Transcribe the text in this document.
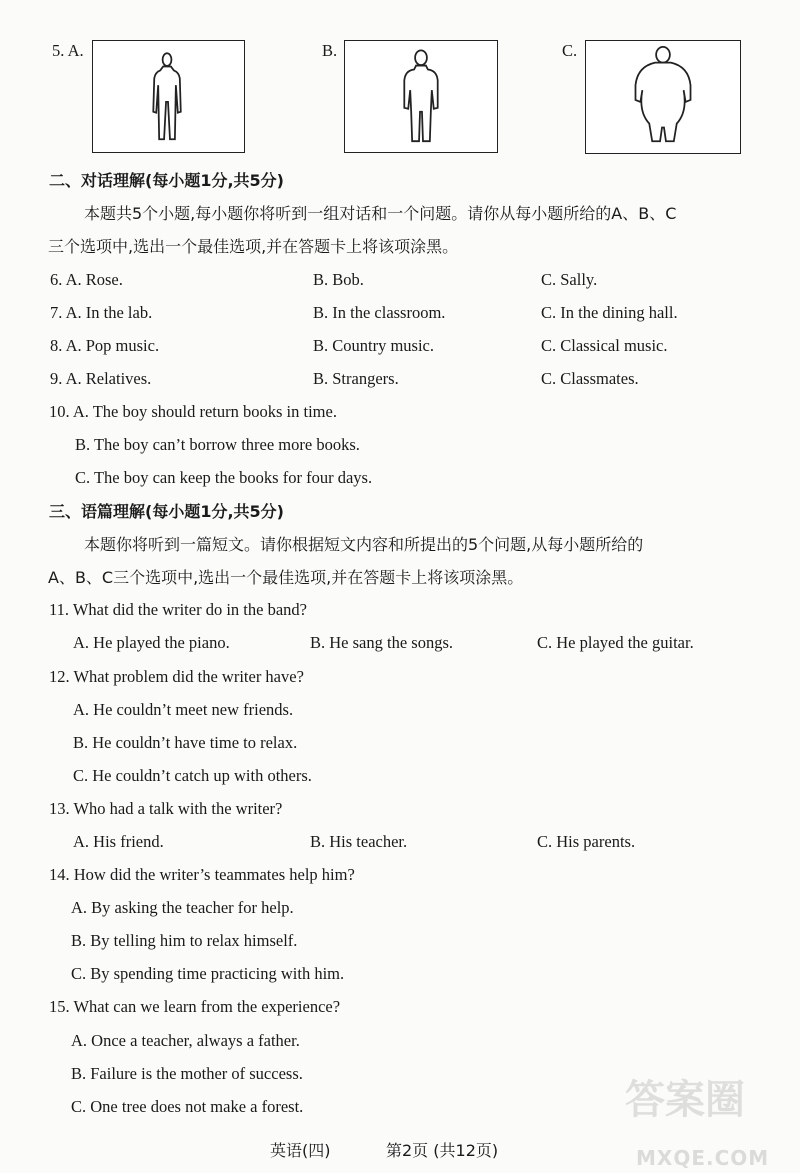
5. A.	B.	C.
二、对话理解(每小题1分,共5分)
本题共5个小题,每小题你将听到一组对话和一个问题。请你从每小题所给的A、B、C
三个选项中,选出一个最佳选项,并在答题卡上将该项涂黑。
6. A. Rose.	B. Bob.	C. Sally.
7. A. In the lab.	B. In the classroom.	C. In the dining hall.
8. A. Pop music.	B. Country music.	C. Classical music.
9. A. Relatives.	B. Strangers.	C. Classmates.
10. A. The boy should return books in time.
B. The boy can’t borrow three more books.
C. The boy can keep the books for four days.
三、语篇理解(每小题1分,共5分)
本题你将听到一篇短文。请你根据短文内容和所提出的5个问题,从每小题所给的
A、B、C三个选项中,选出一个最佳选项,并在答题卡上将该项涂黑。
11. What did the writer do in the band?
A. He played the piano.	B. He sang the songs.	C. He played the guitar.
12. What problem did the writer have?
A. He couldn’t meet new friends.
B. He couldn’t have time to relax.
C. He couldn’t catch up with others.
13. Who had a talk with the writer?
A. His friend.	B. His teacher.	C. His parents.
14. How did the writer’s teammates help him?
A. By asking the teacher for help.
B. By telling him to relax himself.
C. By spending time practicing with him.
15. What can we learn from the experience?
A. Once a teacher, always a father.
B. Failure is the mother of success.
C. One tree does not make a forest.
英语(四)	第2页 (共12页)
答案圈
MXQE.COM
